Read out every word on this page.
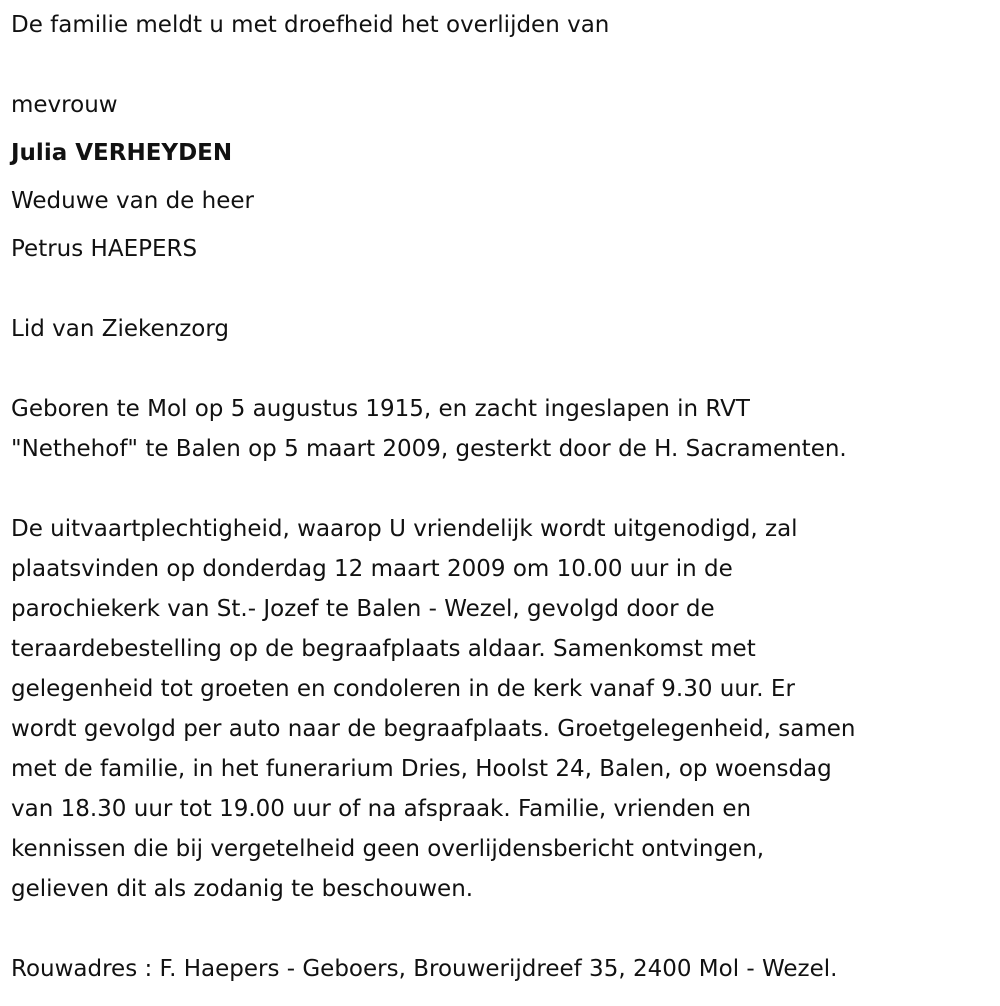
De familie meldt u met droefheid het overlijden van
mevrouw
Julia VERHEYDEN
Weduwe van de heer
Petrus HAEPERS
Lid van Ziekenzorg
Geboren te Mol op 5 augustus 1915, en zacht ingeslapen in RVT
"Nethehof" te Balen op 5 maart 2009, gesterkt door de H. Sacramenten.
De uitvaartplechtigheid, waarop U vriendelijk wordt uitgenodigd, zal
plaatsvinden op donderdag 12 maart 2009 om 10.00 uur in de
parochiekerk van St.- Jozef te Balen - Wezel, gevolgd door de
teraardebestelling op de begraafplaats aldaar. Samenkomst met
gelegenheid tot groeten en condoleren in de kerk vanaf 9.30 uur. Er
wordt gevolgd per auto naar de begraafplaats. Groetgelegenheid, samen
met de familie, in het funerarium Dries, Hoolst 24, Balen, op woensdag
van 18.30 uur tot 19.00 uur of na afspraak. Familie, vrienden en
kennissen die bij vergetelheid geen overlijdensbericht ontvingen,
gelieven dit als zodanig te beschouwen.
Rouwadres : F. Haepers - Geboers, Brouwerijdreef 35, 2400 Mol - Wezel.
